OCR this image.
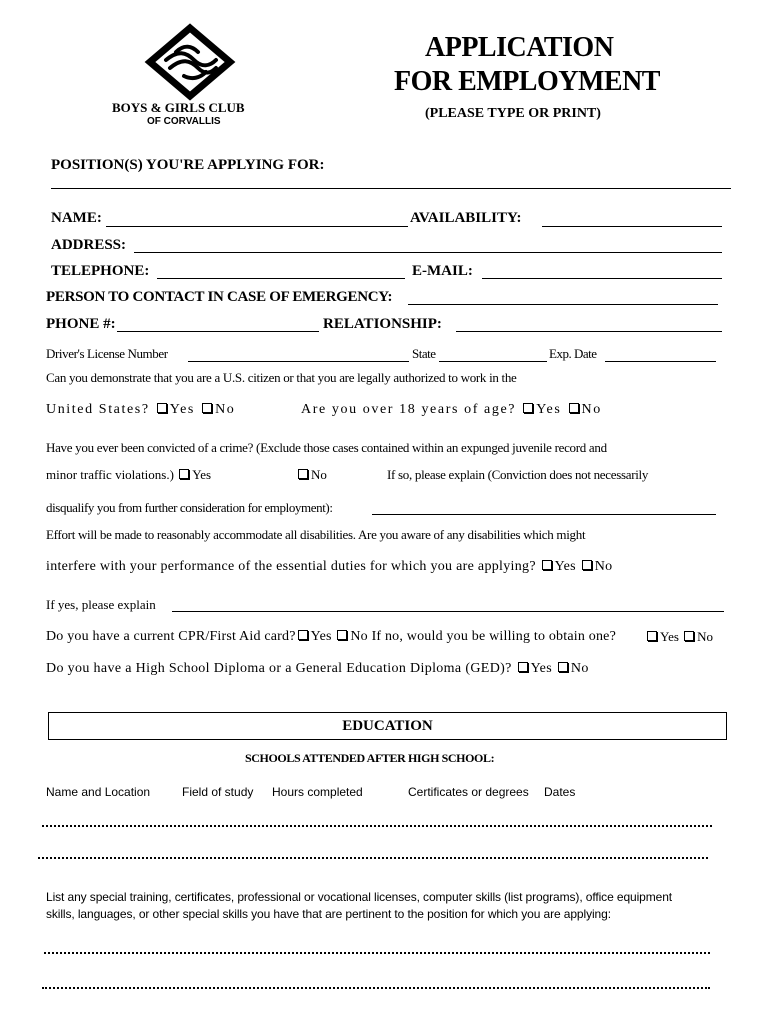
BOYS & GIRLS CLUB
OF CORVALLIS
APPLICATION
FOR EMPLOYMENT
(PLEASE TYPE OR PRINT)
POSITION(S) YOU'RE APPLYING FOR:
NAME:	AVAILABILITY:
ADDRESS:
TELEPHONE:	E-MAIL:
PERSON TO CONTACT IN CASE OF EMERGENCY:
PHONE #:	RELATIONSHIP:
Driver's License Number	State	Exp. Date
Can you demonstrate that you are a U.S. citizen or that you are legally authorized to work in the
United States? Yes No	Are you over 18 years of age? Yes No
Have you ever been convicted of a crime? (Exclude those cases contained within an expunged juvenile record and
minor traffic violations.) Yes	No	If so, please explain (Conviction does not necessarily
disqualify you from further consideration for employment):
Effort will be made to reasonably accommodate all disabilities. Are you aware of any disabilities which might
interfere with your performance of the essential duties for which you are applying? Yes No
If yes, please explain
Do you have a current CPR/First Aid card? Yes No If no, would you be willing to obtain one?	Yes No
Do you have a High School Diploma or a General Education Diploma (GED)? Yes No
EDUCATION
SCHOOLS ATTENDED AFTER HIGH SCHOOL:
Name and Location	Field of study Hours completed	Certificates or degrees Dates
List any special training, certificates, professional or vocational licenses, computer skills (list programs), office equipment
skills, languages, or other special skills you have that are pertinent to the position for which you are applying:
